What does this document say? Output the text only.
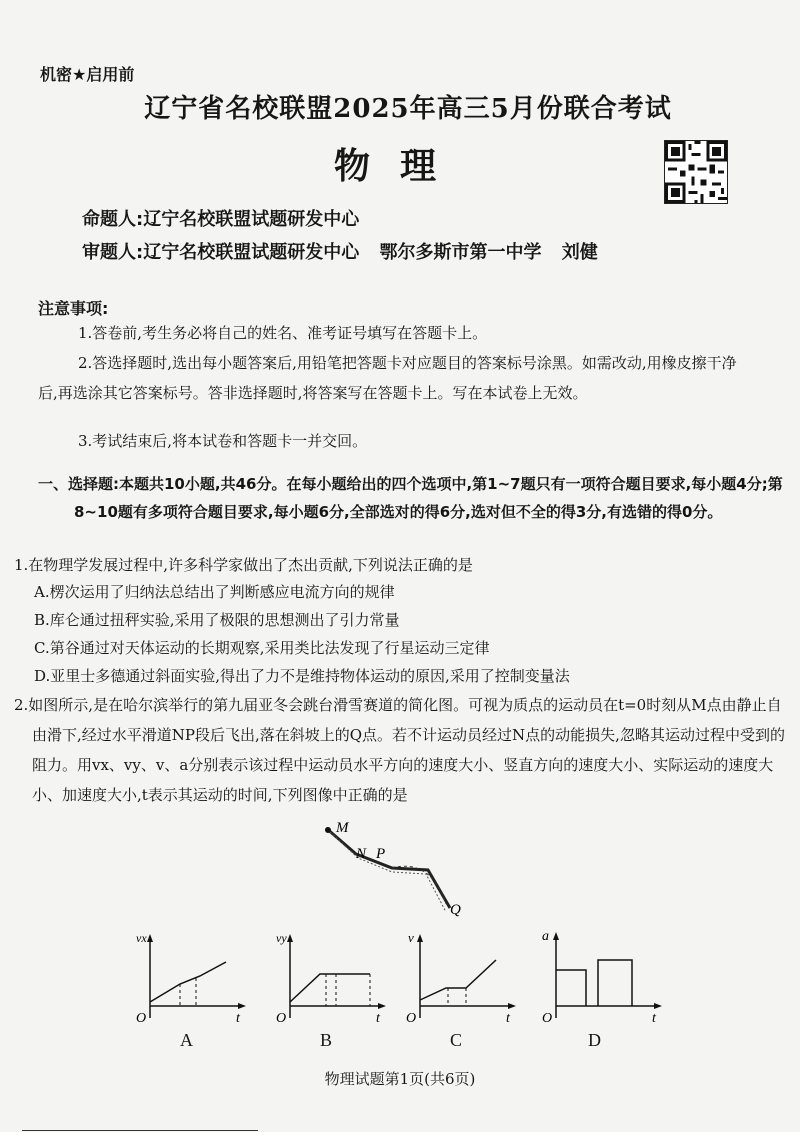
机密★启用前
辽宁省名校联盟2025年高三5月份联合考试
物理
命题人:辽宁名校联盟试题研发中心
审题人:辽宁名校联盟试题研发中心 鄂尔多斯市第一中学 刘健
注意事项:
1.答卷前,考生务必将自己的姓名、准考证号填写在答题卡上。
2.答选择题时,选出每小题答案后,用铅笔把答题卡对应题目的答案标号涂黑。如需改动,用橡皮擦干净后,再选涂其它答案标号。答非选择题时,将答案写在答题卡上。写在本试卷上无效。
3.考试结束后,将本试卷和答题卡一并交回。
一、选择题:本题共10小题,共46分。在每小题给出的四个选项中,第1~7题只有一项符合题目要求,每小题4分;第8~10题有多项符合题目要求,每小题6分,全部选对的得6分,选对但不全的得3分,有选错的得0分。
1.在物理学发展过程中,许多科学家做出了杰出贡献,下列说法正确的是
A.楞次运用了归纳法总结出了判断感应电流方向的规律
B.库仑通过扭秤实验,采用了极限的思想测出了引力常量
C.第谷通过对天体运动的长期观察,采用类比法发现了行星运动三定律
D.亚里士多德通过斜面实验,得出了力不是维持物体运动的原因,采用了控制变量法
2.如图所示,是在哈尔滨举行的第九届亚冬会跳台滑雪赛道的简化图。可视为质点的运动员在t=0时刻从M点由静止自由滑下,经过水平滑道NP段后飞出,落在斜坡上的Q点。若不计运动员经过N点的动能损失,忽略其运动过程中受到的阻力。用vx、vy、v、a分别表示该过程中运动员水平方向的速度大小、竖直方向的速度大小、实际运动的速度大小、加速度大小,t表示其运动的时间,下列图像中正确的是
M
N P
Q
vx
t
O
A
vy
t
O
B
v
t
O
C
a
t
O
D
物理试题第1页(共6页)
